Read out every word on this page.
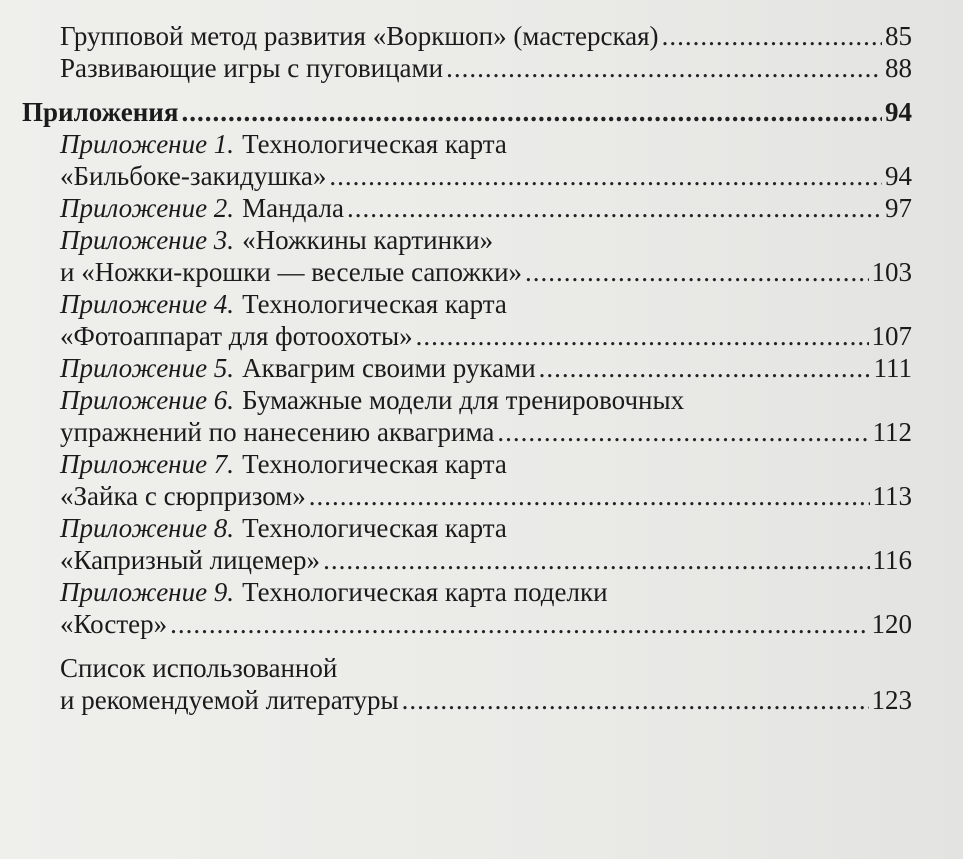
Групповой метод развития «Воркшоп» (мастерская) .....	85
Развивающие игры с пуговицами .....	88
Приложения .....	94
Приложение 1. Технологическая карта
«Бильбоке-закидушка» .....	94
Приложение 2. Мандала .....	97
Приложение 3. «Ножкины картинки»
и «Ножки-крошки — веселые сапожки» .....	103
Приложение 4. Технологическая карта
«Фотоаппарат для фотоохоты» .....	107
Приложение 5. Аквагрим своими руками .....	111
Приложение 6. Бумажные модели для тренировочных
упражнений по нанесению аквагрима .....	112
Приложение 7. Технологическая карта
«Зайка с сюрпризом» .....	113
Приложение 8. Технологическая карта
«Капризный лицемер» .....	116
Приложение 9. Технологическая карта поделки
«Костер» .....	120
Список использованной
и рекомендуемой литературы .....	123
